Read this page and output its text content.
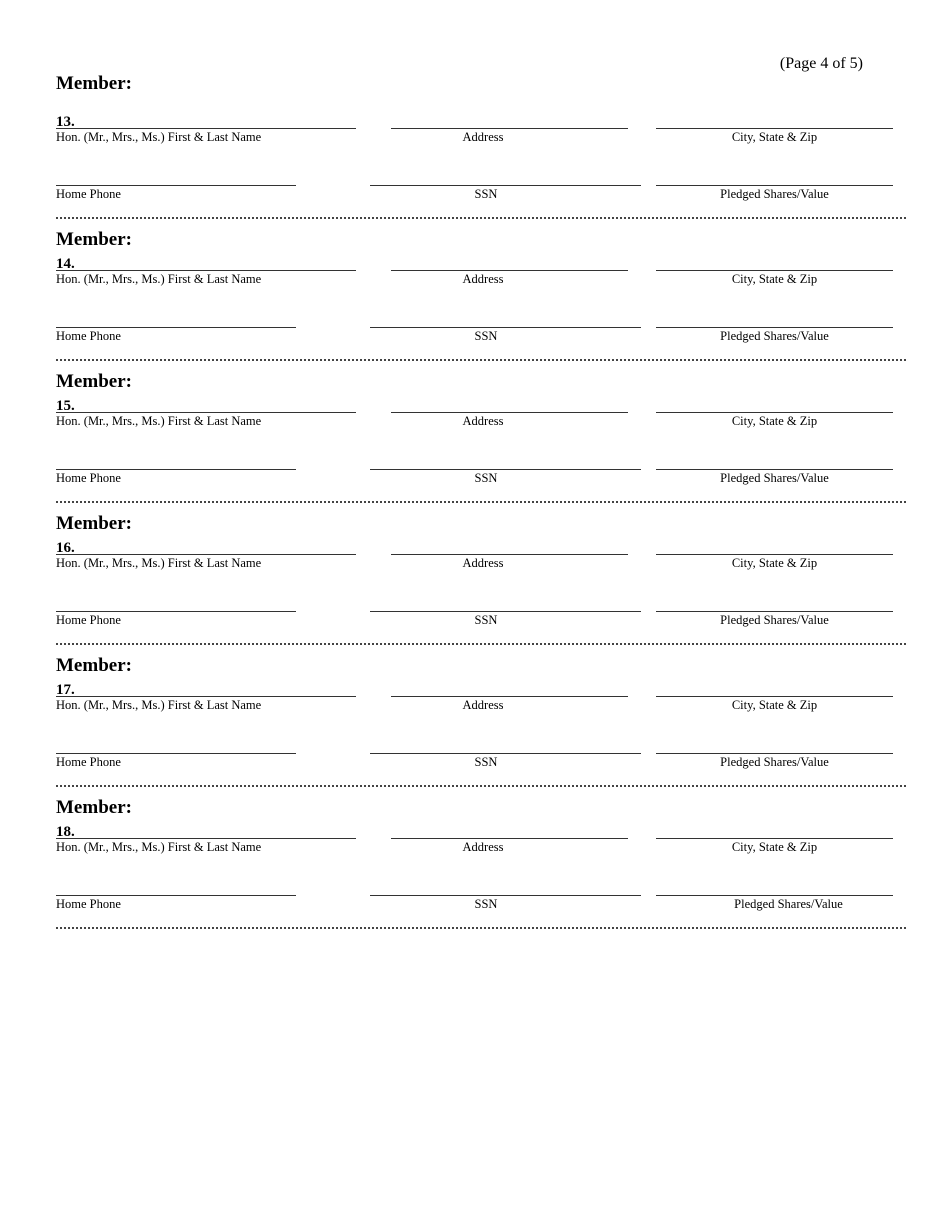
(Page 4 of 5)
Member:
13.
Hon. (Mr., Mrs., Ms.) First & Last Name	Address	City, State & Zip
Home Phone	SSN	Pledged Shares/Value
Member:
14.
Hon. (Mr., Mrs., Ms.) First & Last Name	Address	City, State & Zip
Home Phone	SSN	Pledged Shares/Value
Member:
15.
Hon. (Mr., Mrs., Ms.) First & Last Name	Address	City, State & Zip
Home Phone	SSN	Pledged Shares/Value
Member:
16.
Hon. (Mr., Mrs., Ms.) First & Last Name	Address	City, State & Zip
Home Phone	SSN	Pledged Shares/Value
Member:
17.
Hon. (Mr., Mrs., Ms.) First & Last Name	Address	City, State & Zip
Home Phone	SSN	Pledged Shares/Value
Member:
18.
Hon. (Mr., Mrs., Ms.) First & Last Name	Address	City, State & Zip
Home Phone	SSN	Pledged Shares/Value
